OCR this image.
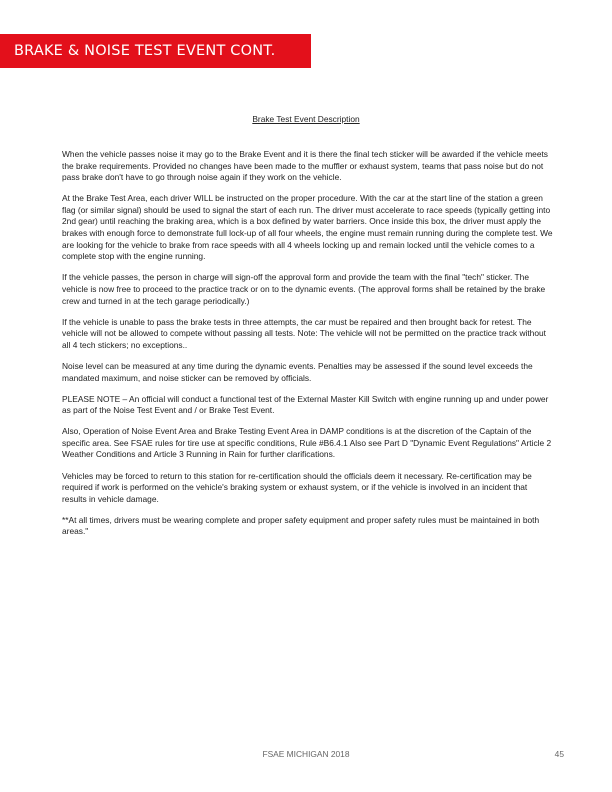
BRAKE & NOISE TEST EVENT CONT.
Brake Test Event Description

When the vehicle passes noise it may go to the Brake Event and it is there the final tech sticker will be awarded if the vehicle meets the brake requirements. Provided no changes have been made to the muffler or exhaust system, teams that pass noise but do not pass brake don't have to go through noise again if they work on the vehicle.

At the Brake Test Area, each driver WILL be instructed on the proper procedure. With the car at the start line of the station a green flag (or similar signal) should be used to signal the start of each run. The driver must accelerate to race speeds (typically getting into 2nd gear) until reaching the braking area, which is a box defined by water barriers. Once inside this box, the driver must apply the brakes with enough force to demonstrate full lock-up of all four wheels, the engine must remain running during the complete test. We are looking for the vehicle to brake from race speeds with all 4 wheels locking up and remain locked until the vehicle comes to a complete stop with the engine running.

If the vehicle passes, the person in charge will sign-off the approval form and provide the team with the final "tech" sticker. The vehicle is now free to proceed to the practice track or on to the dynamic events. (The approval forms shall be retained by the brake crew and turned in at the tech garage periodically.)

If the vehicle is unable to pass the brake tests in three attempts, the car must be repaired and then brought back for retest. The vehicle will not be allowed to compete without passing all tests. Note: The vehicle will not be permitted on the practice track without all 4 tech stickers; no exceptions..

Noise level can be measured at any time during the dynamic events. Penalties may be assessed if the sound level exceeds the mandated maximum, and noise sticker can be removed by officials.

PLEASE NOTE – An official will conduct a functional test of the External Master Kill Switch with engine running up and under power as part of the Noise Test Event and / or Brake Test Event.

Also, Operation of Noise Event Area and Brake Testing Event Area in DAMP conditions is at the discretion of the Captain of the specific area. See FSAE rules for tire use at specific conditions, Rule #B6.4.1 Also see Part D "Dynamic Event Regulations" Article 2 Weather Conditions and Article 3 Running in Rain for further clarifications.

Vehicles may be forced to return to this station for re-certification should the officials deem it necessary. Re-certification may be required if work is performed on the vehicle's braking system or exhaust system, or if the vehicle is involved in an incident that results in vehicle damage.

**At all times, drivers must be wearing complete and proper safety equipment and proper safety rules must be maintained in both areas."

FSAE MICHIGAN 2018	45
